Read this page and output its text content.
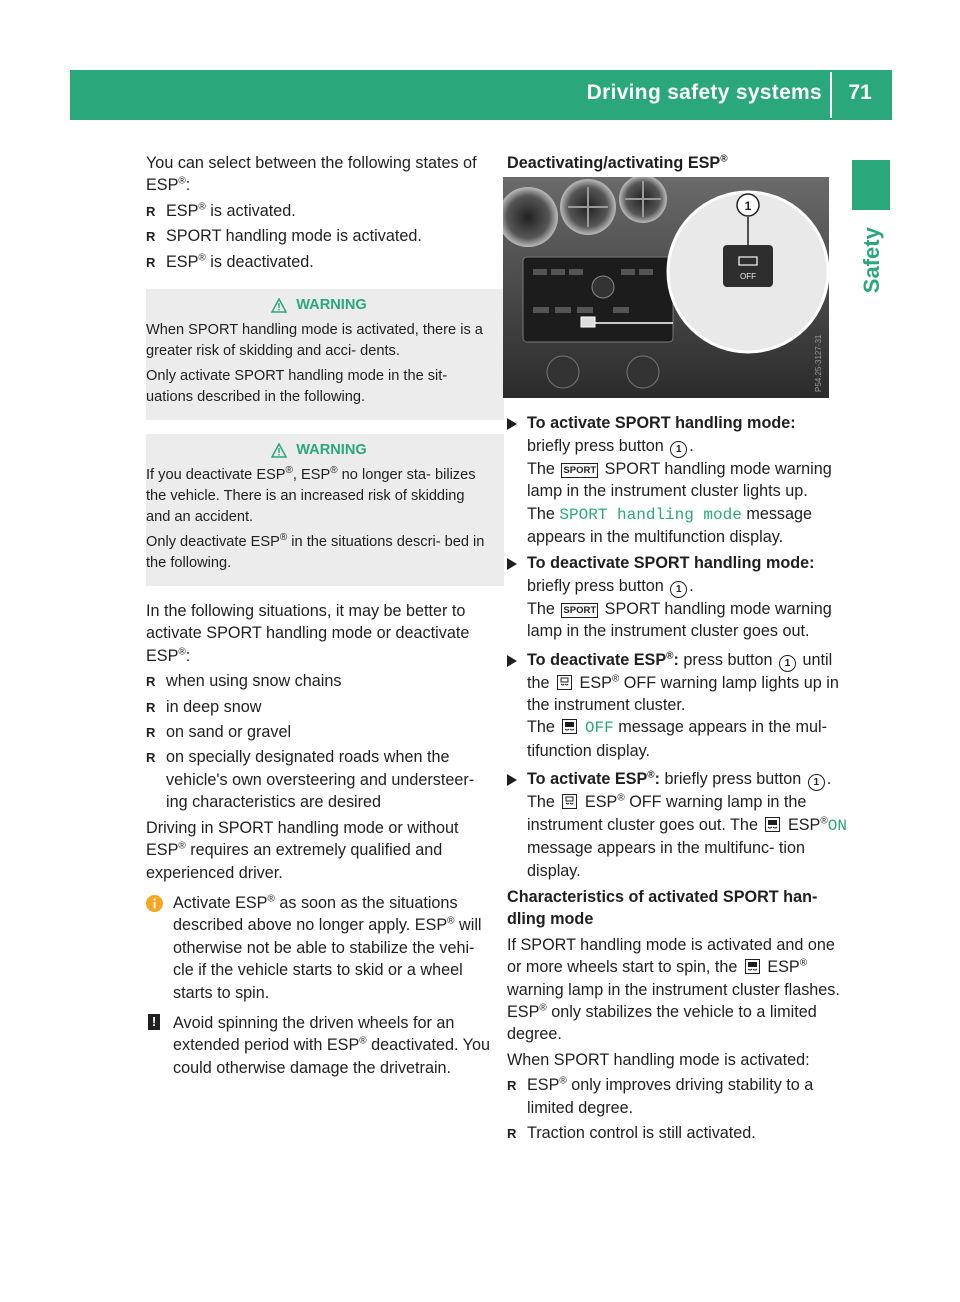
Driving safety systems	71
Safety

You can select between the following states of ESP®:

R ESP® is activated.
R SPORT handling mode is activated.
R ESP® is deactivated.
WARNING

When SPORT handling mode is activated, there is a greater risk of skidding and acci- dents.

Only activate SPORT handling mode in the sit- uations described in the following.

WARNING

If you deactivate ESP®, ESP® no longer sta- bilizes the vehicle. There is an increased risk of skidding and an accident.

Only deactivate ESP® in the situations descri- bed in the following.

In the following situations, it may be better to activate SPORT handling mode or deactivate ESP®:

R when using snow chains
R in deep snow
R on sand or gravel
R on specially designated roads when the vehicle's own oversteering and understeer- ing characteristics are desired

Driving in SPORT handling mode or without ESP® requires an extremely qualified and experienced driver.

Activate ESP® as soon as the situations described above no longer apply. ESP® will otherwise not be able to stabilize the vehi- cle if the vehicle starts to skid or a wheel starts to spin.
! Avoid spinning the driven wheels for an extended period with ESP® deactivated. You could otherwise damage the drivetrain.

Deactivating/activating ESP®

OFF
1
P54.25-3127-31
To activate SPORT handling mode:
briefly press button 1 .
The SPORT SPORT handling mode warning lamp in the instrument cluster lights up.
The SPORT handling mode message appears in the multifunction display.
To deactivate SPORT handling mode:
briefly press button 1 .
The SPORT SPORT handling mode warning lamp in the instrument cluster goes out.
To deactivate ESP®: press button 1 until the ESP® OFF warning lamp lights up in the instrument cluster.
The OFF message appears in the mul- tifunction display.
To activate ESP®: briefly press button 1 .
The ESP® OFF warning lamp in the instrument cluster goes out. The ESP®ON message appears in the multifunc- tion display.

Characteristics of activated SPORT han- dling mode

If SPORT handling mode is activated and one or more wheels start to spin, the ESP® warning lamp in the instrument cluster flashes. ESP® only stabilizes the vehicle to a limited degree.

When SPORT handling mode is activated:

R ESP® only improves driving stability to a limited degree.
R Traction control is still activated.
